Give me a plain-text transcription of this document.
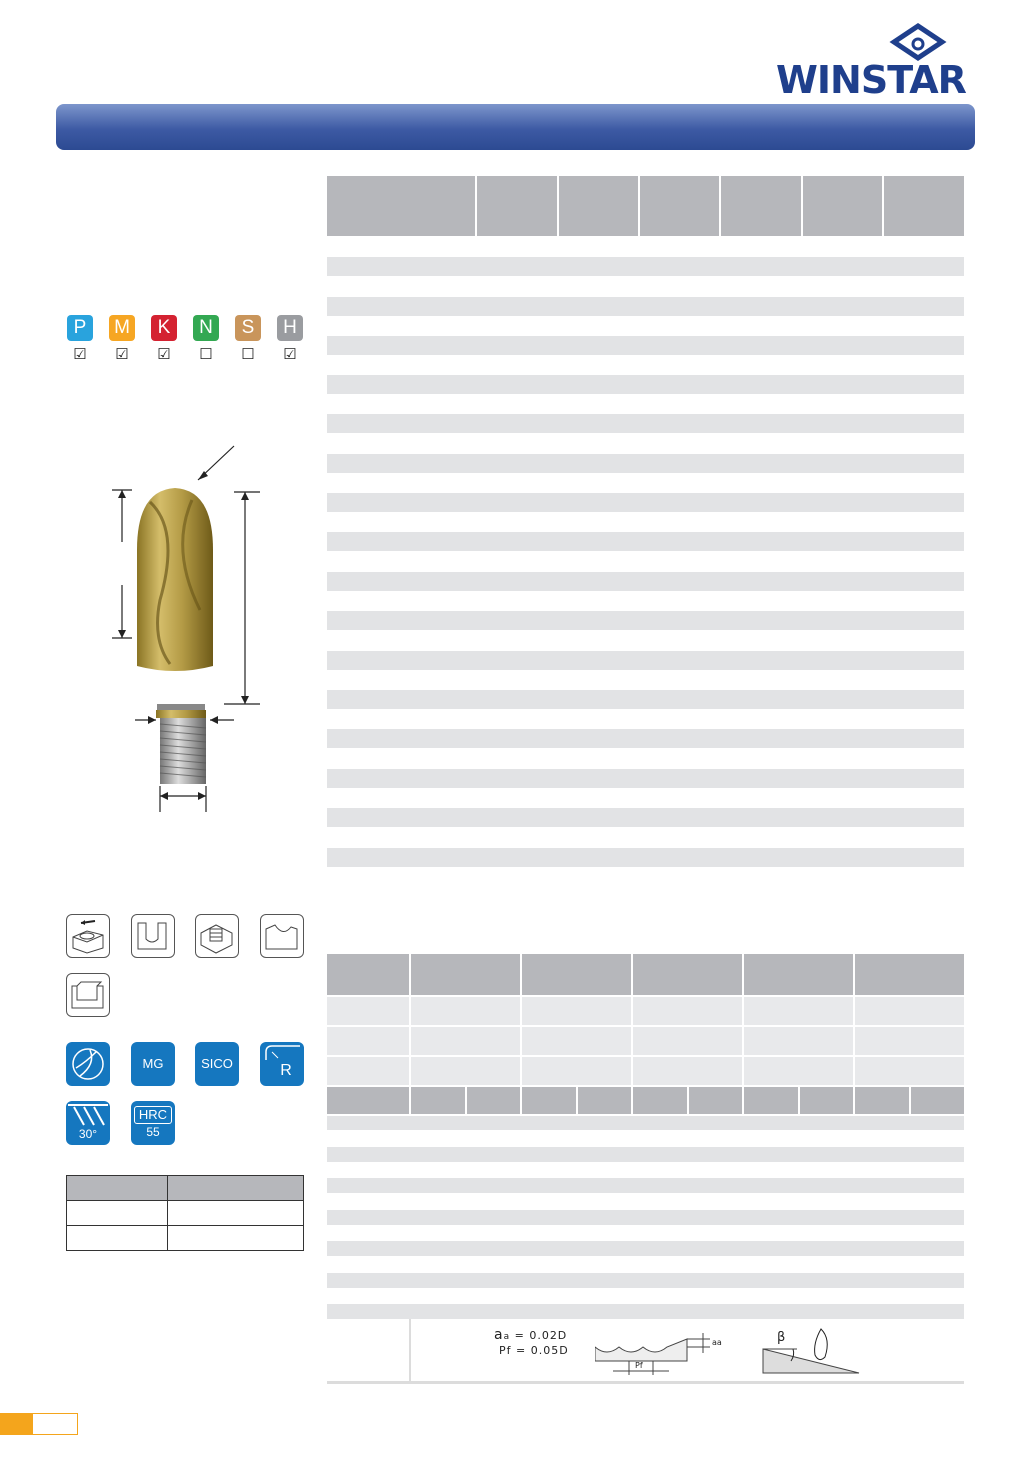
WINSTAR
P	M	K	N	S	H
☑	☑	☑	☐	☐	☑
MG	SICO	R
30°
HRC
55

aa = 0.02D
Pf = 0.05D
aa
Pf
β
